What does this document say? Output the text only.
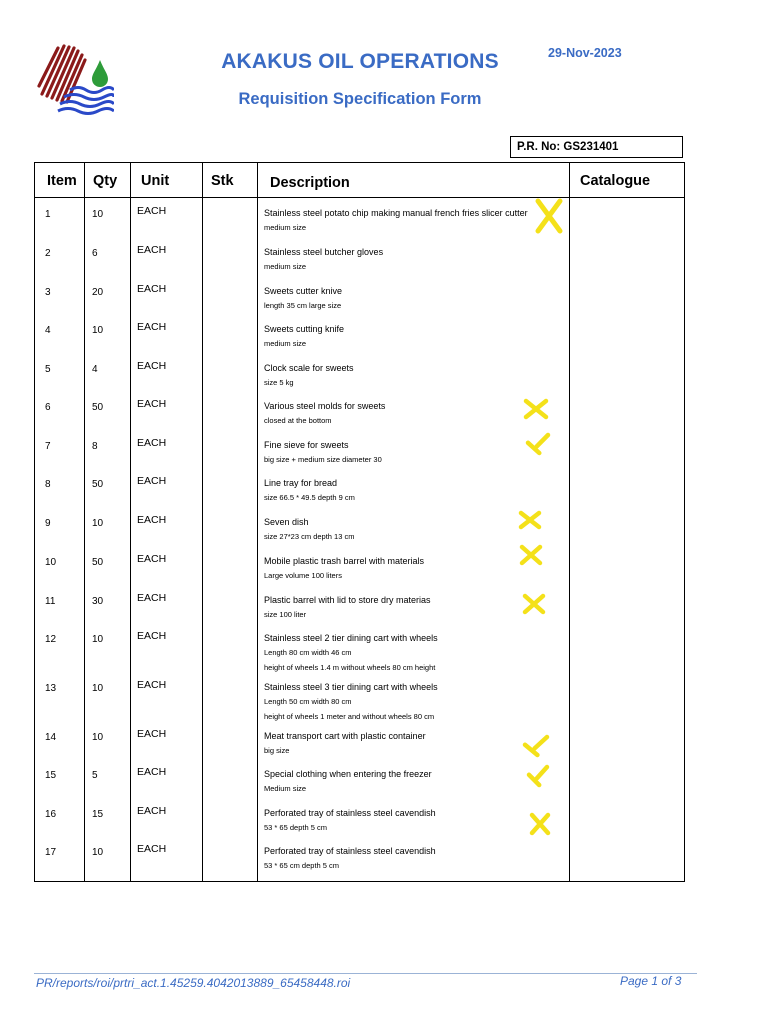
AKAKUS OIL OPERATIONS
Requisition Specification Form
29-Nov-2023
P.R. No: GS231401
Item Qty Unit	Stk	Description	Catalogue
1	10	EACH	Stainless steel potato chip making manual french fries slicer cutter
medium size
2	6	EACH	Stainless steel butcher gloves
medium size
3	20	EACH	Sweets cutter knive
length 35 cm large size
4	10	EACH	Sweets cutting knife
medium size
5	4	EACH	Clock scale for sweets
size 5 kg
6	50	EACH	Various steel molds for sweets
closed at the bottom
7	8	EACH	Fine sieve for sweets
big size + medium size diameter 30
8	50	EACH	Line tray for bread
size 66.5 * 49.5 depth 9 cm
9	10	EACH	Seven dish
size 27*23 cm depth 13 cm
10	50	EACH	Mobile plastic trash barrel with materials
Large volume 100 liters
11	30	EACH	Plastic barrel with lid to store dry materias
size 100 liter
12	10	EACH	Stainless steel 2 tier dining cart with wheels
Length 80 cm width 46 cm
height of wheels 1.4 m without wheels 80 cm height
13	10	EACH	Stainless steel 3 tier dining cart with wheels
Length 50 cm width 80 cm
height of wheels 1 meter and without wheels 80 cm
14	10	EACH	Meat transport cart with plastic container
big size
15	5	EACH	Special clothing when entering the freezer
Medium size
16	15	EACH	Perforated tray of stainless steel cavendish
53 * 65 depth 5 cm
17	10	EACH	Perforated tray of stainless steel cavendish
53 * 65 cm depth 5 cm
PR/reports/roi/prtri_act.1.45259.4042013889_65458448.roi	Page 1 of 3
